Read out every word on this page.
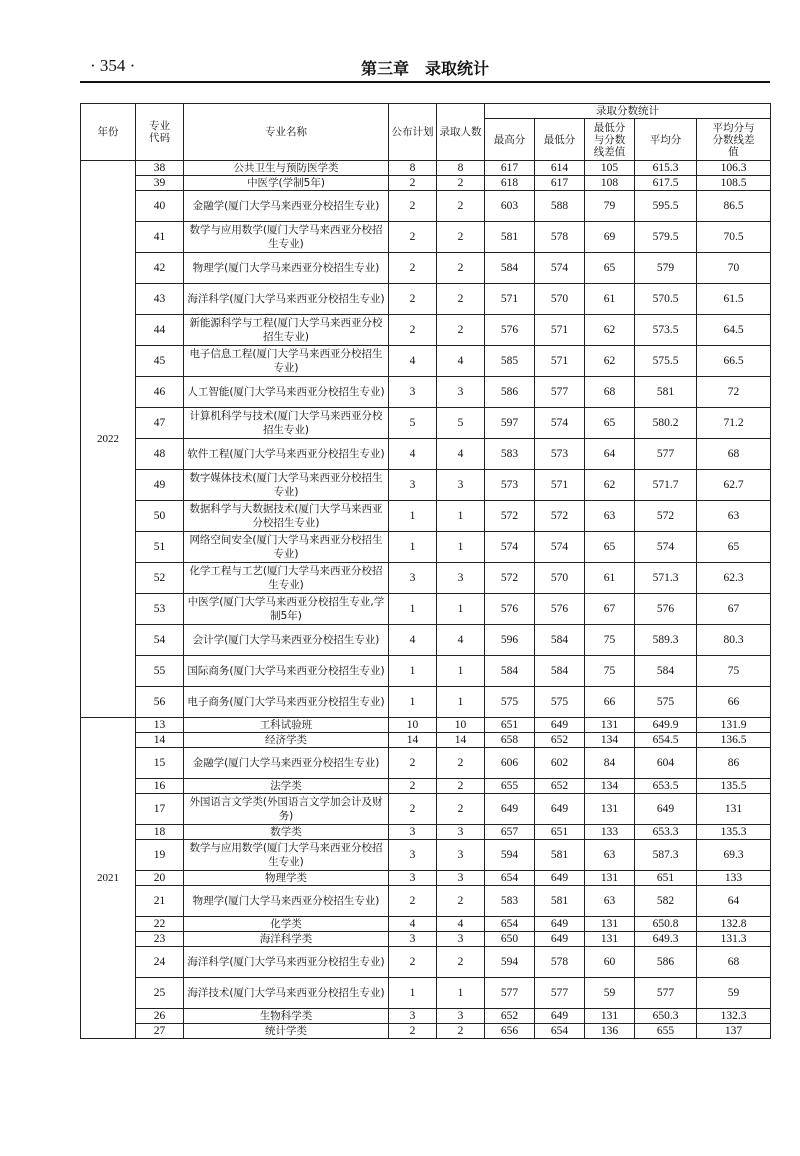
· 354 ·	第三章　录取统计
年份	专业代码	专业名称	公布计划	录取人数	录取分数统计				
					最高分	最低分	最低分与分数线差值	平均分	平均分与分数线差值
2022	38	公共卫生与预防医学类	8	8	617	614	105	615.3	106.3
	39	中医学(学制5年)	2	2	618	617	108	617.5	108.5
	40	金融学(厦门大学马来西亚分校招生专业)	2	2	603	588	79	595.5	86.5
	41	数学与应用数学(厦门大学马来西亚分校招生专业)	2	2	581	578	69	579.5	70.5
	42	物理学(厦门大学马来西亚分校招生专业)	2	2	584	574	65	579	70
	43	海洋科学(厦门大学马来西亚分校招生专业)	2	2	571	570	61	570.5	61.5
	44	新能源科学与工程(厦门大学马来西亚分校招生专业)	2	2	576	571	62	573.5	64.5
	45	电子信息工程(厦门大学马来西亚分校招生专业)	4	4	585	571	62	575.5	66.5
	46	人工智能(厦门大学马来西亚分校招生专业)	3	3	586	577	68	581	72
	47	计算机科学与技术(厦门大学马来西亚分校招生专业)	5	5	597	574	65	580.2	71.2
	48	软件工程(厦门大学马来西亚分校招生专业)	4	4	583	573	64	577	68
	49	数字媒体技术(厦门大学马来西亚分校招生专业)	3	3	573	571	62	571.7	62.7
	50	数据科学与大数据技术(厦门大学马来西亚分校招生专业)	1	1	572	572	63	572	63
	51	网络空间安全(厦门大学马来西亚分校招生专业)	1	1	574	574	65	574	65
	52	化学工程与工艺(厦门大学马来西亚分校招生专业)	3	3	572	570	61	571.3	62.3
	53	中医学(厦门大学马来西亚分校招生专业,学制5年)	1	1	576	576	67	576	67
	54	会计学(厦门大学马来西亚分校招生专业)	4	4	596	584	75	589.3	80.3
	55	国际商务(厦门大学马来西亚分校招生专业)	1	1	584	584	75	584	75
	56	电子商务(厦门大学马来西亚分校招生专业)	1	1	575	575	66	575	66
2021	13	工科试验班	10	10	651	649	131	649.9	131.9
	14	经济学类	14	14	658	652	134	654.5	136.5
	15	金融学(厦门大学马来西亚分校招生专业)	2	2	606	602	84	604	86
	16	法学类	2	2	655	652	134	653.5	135.5
	17	外国语言文学类(外国语言文学加会计及财务)	2	2	649	649	131	649	131
	18	数学类	3	3	657	651	133	653.3	135.3
	19	数学与应用数学(厦门大学马来西亚分校招生专业)	3	3	594	581	63	587.3	69.3
	20	物理学类	3	3	654	649	131	651	133
	21	物理学(厦门大学马来西亚分校招生专业)	2	2	583	581	63	582	64
	22	化学类	4	4	654	649	131	650.8	132.8
	23	海洋科学类	3	3	650	649	131	649.3	131.3
	24	海洋科学(厦门大学马来西亚分校招生专业)	2	2	594	578	60	586	68
	25	海洋技术(厦门大学马来西亚分校招生专业)	1	1	577	577	59	577	59
	26	生物科学类	3	3	652	649	131	650.3	132.3
	27	统计学类	2	2	656	654	136	655	137
